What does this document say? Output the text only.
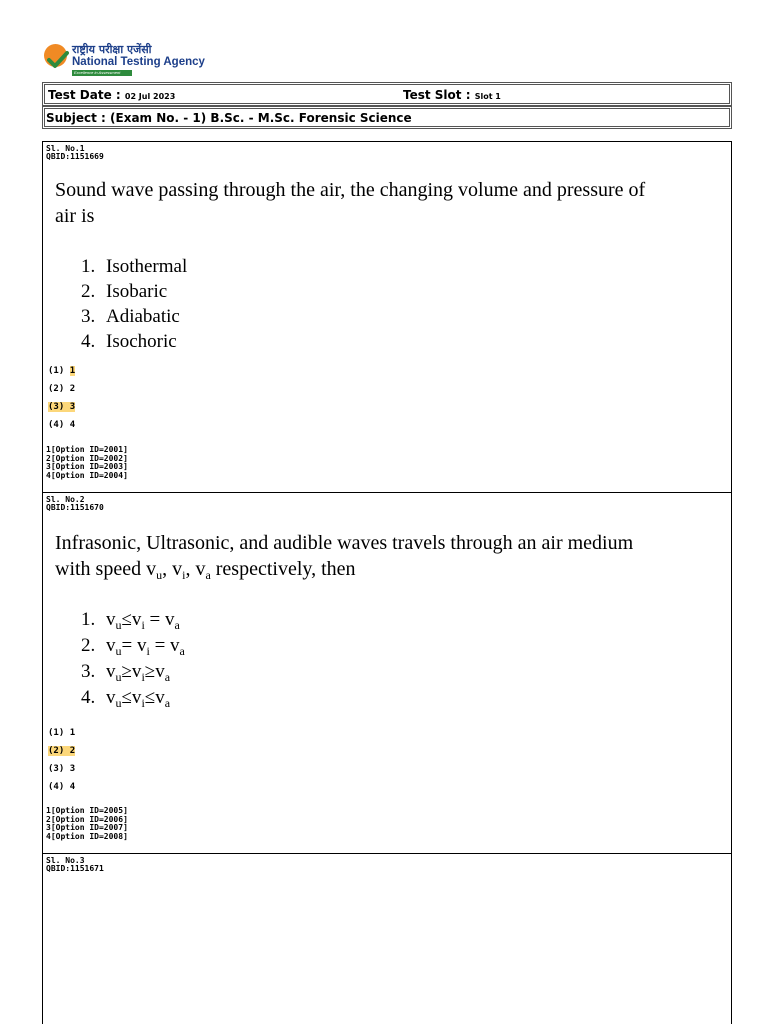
राष्ट्रीय परीक्षा एजेंसी
National Testing Agency
Excellence in Assessment
Test Date : 02 Jul 2023	Test Slot : Slot 1
Subject : (Exam No. - 1) B.Sc. - M.Sc. Forensic Science
Sl. No.1
QBID:1151669
Sound wave passing through the air, the changing volume and pressure of
air is
1. Isothermal
2. Isobaric
3. Adiabatic
4. Isochoric
(1) 1
(2) 2
(3) 3
(4) 4
1[Option ID=2001]
2[Option ID=2002]
3[Option ID=2003]
4[Option ID=2004]
Sl. No.2
QBID:1151670
Infrasonic, Ultrasonic, and audible waves travels through an air medium
with speed $v_u$, $v_i$, $v_a$ respectively, then
1. $v_u\le v_i = v_a$
2. $v_u= v_i = v_a$
3. $v_u\ge v_i\ge v_a$
4. $v_u\le v_i\le v_a$
(1) 1
(2) 2
(3) 3
(4) 4
1[Option ID=2005]
2[Option ID=2006]
3[Option ID=2007]
4[Option ID=2008]
Sl. No.3
QBID:1151671
